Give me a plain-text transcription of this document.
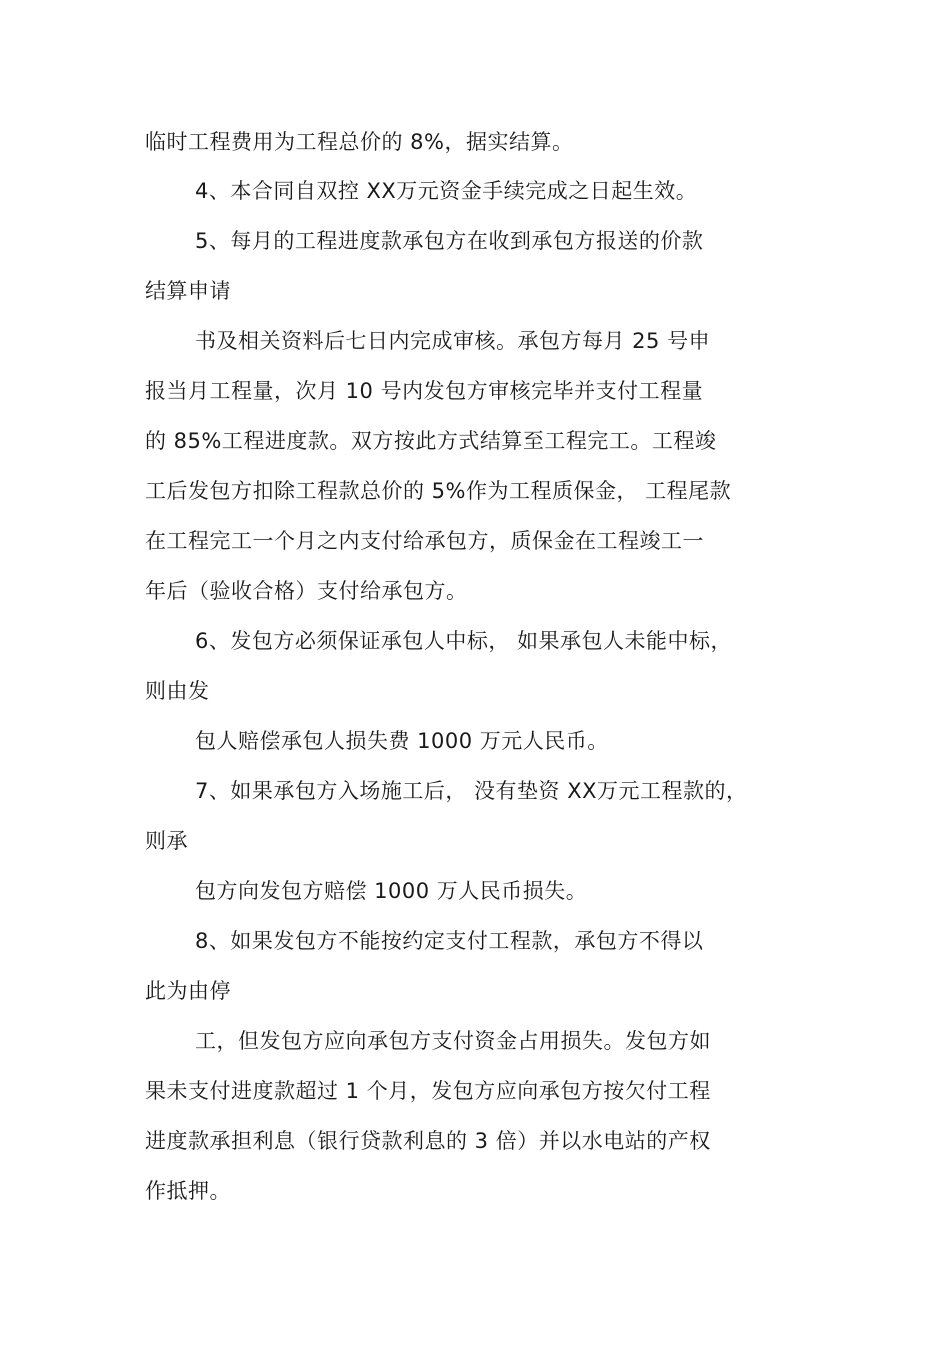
临时工程费用为工程总价的 8%，据实结算。
4、本合同自双控 XX万元资金手续完成之日起生效。
5、每月的工程进度款承包方在收到承包方报送的价款
结算申请
书及相关资料后七日内完成审核。承包方每月 25 号申
报当月工程量，次月 10 号内发包方审核完毕并支付工程量
的 85%工程进度款。双方按此方式结算至工程完工。工程竣
工后发包方扣除工程款总价的 5%作为工程质保金， 工程尾款
在工程完工一个月之内支付给承包方，质保金在工程竣工一
年后（验收合格）支付给承包方。
6、发包方必须保证承包人中标， 如果承包人未能中标，
则由发
包人赔偿承包人损失费 1000 万元人民币。
7、如果承包方入场施工后， 没有垫资 XX万元工程款的，
则承
包方向发包方赔偿 1000 万人民币损失。
8、如果发包方不能按约定支付工程款，承包方不得以
此为由停
工，但发包方应向承包方支付资金占用损失。发包方如
果未支付进度款超过 1 个月，发包方应向承包方按欠付工程
进度款承担利息（银行贷款利息的 3 倍）并以水电站的产权
作抵押。
